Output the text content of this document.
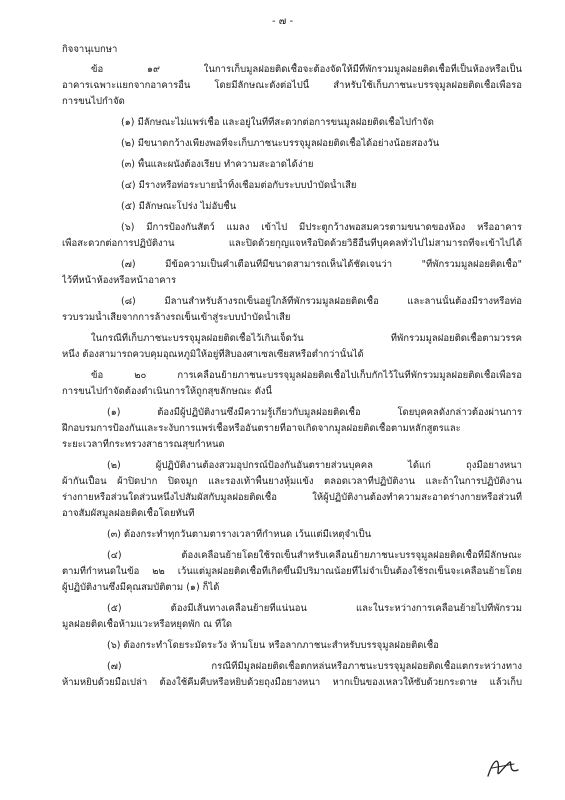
- ๗ -
กิจจานุเบกษา
ข้อ ๑๙ ในการเก็บมูลฝอยติดเชื้อจะต้องจัดให้มีที่พักรวมมูลฝอยติดเชื้อที่เป็นห้องหรือเป็น
อาคารเฉพาะแยกจากอาคารอื่น โดยมีลักษณะดังต่อไปนี้ สำหรับใช้เก็บภาชนะบรรจุมูลฝอยติดเชื้อเพื่อรอ
การขนไปกำจัด
(๑) มีลักษณะไม่แพร่เชื้อ และอยู่ในที่ที่สะดวกต่อการขนมูลฝอยติดเชื้อไปกำจัด
(๒) มีขนาดกว้างเพียงพอที่จะเก็บภาชนะบรรจุมูลฝอยติดเชื้อได้อย่างน้อยสองวัน
(๓) พื้นและผนังต้องเรียบ ทำความสะอาดได้ง่าย
(๔) มีรางหรือท่อระบายน้ำทิ้งเชื่อมต่อกับระบบบำบัดน้ำเสีย
(๕) มีลักษณะโปร่ง ไม่อับชื้น
(๖) มีการป้องกันสัตว์ แมลง เข้าไป มีประตูกว้างพอสมควรตามขนาดของห้อง หรืออาคาร
เพื่อสะดวกต่อการปฏิบัติงาน และปิดด้วยกุญแจหรือปิดด้วยวิธีอื่นที่บุคคลทั่วไปไม่สามารถที่จะเข้าไปได้
(๗) มีข้อความเป็นคำเตือนที่มีขนาดสามารถเห็นได้ชัดเจนว่า "ที่พักรวมมูลฝอยติดเชื้อ"
ไว้ที่หน้าห้องหรือหน้าอาคาร
(๘) มีลานสำหรับล้างรถเข็นอยู่ใกล้ที่พักรวมมูลฝอยติดเชื้อ และลานนั้นต้องมีรางหรือท่อ
รวบรวมน้ำเสียจากการล้างรถเข็นเข้าสู่ระบบบำบัดน้ำเสีย
ในกรณีที่เก็บภาชนะบรรจุมูลฝอยติดเชื้อไว้เกินเจ็ดวัน ที่พักรวมมูลฝอยติดเชื้อตามวรรค
หนึ่ง ต้องสามารถควบคุมอุณหภูมิให้อยู่ที่สิบองศาเซลเซียสหรือต่ำกว่านั้นได้
ข้อ ๒๐ การเคลื่อนย้ายภาชนะบรรจุมูลฝอยติดเชื้อไปเก็บกักไว้ในที่พักรวมมูลฝอยติดเชื้อเพื่อรอ
การขนไปกำจัดต้องดำเนินการให้ถูกสุขลักษณะ ดังนี้
(๑) ต้องมีผู้ปฏิบัติงานซึ่งมีความรู้เกี่ยวกับมูลฝอยติดเชื้อ โดยบุคคลดังกล่าวต้องผ่านการ
ฝึกอบรมการป้องกันและระงับการแพร่เชื้อหรืออันตรายที่อาจเกิดจากมูลฝอยติดเชื้อตามหลักสูตรและ
ระยะเวลาที่กระทรวงสาธารณสุขกำหนด
(๒) ผู้ปฏิบัติงานต้องสวมอุปกรณ์ป้องกันอันตรายส่วนบุคคล ได้แก่ ถุงมือยางหนา
ผ้ากันเปื้อน ผ้าปิดปาก ปิดจมูก และรองเท้าพื้นยางหุ้มแข้ง ตลอดเวลาที่ปฏิบัติงาน และถ้าในการปฏิบัติงาน
ร่างกายหรือส่วนใดส่วนหนึ่งไปสัมผัสกับมูลฝอยติดเชื้อ ให้ผู้ปฏิบัติงานต้องทำความสะอาดร่างกายหรือส่วนที่
อาจสัมผัสมูลฝอยติดเชื้อโดยทันที
(๓) ต้องกระทำทุกวันตามตารางเวลาที่กำหนด เว้นแต่มีเหตุจำเป็น
(๔) ต้องเคลื่อนย้ายโดยใช้รถเข็นสำหรับเคลื่อนย้ายภาชนะบรรจุมูลฝอยติดเชื้อที่มีลักษณะ
ตามที่กำหนดในข้อ ๒๒ เว้นแต่มูลฝอยติดเชื้อที่เกิดขึ้นมีปริมาณน้อยที่ไม่จำเป็นต้องใช้รถเข็นจะเคลื่อนย้ายโดย
ผู้ปฏิบัติงานซึ่งมีคุณสมบัติตาม (๑) ก็ได้
(๕) ต้องมีเส้นทางเคลื่อนย้ายที่แน่นอน และในระหว่างการเคลื่อนย้ายไปที่พักรวม
มูลฝอยติดเชื้อห้ามแวะหรือหยุดพัก ณ ที่ใด
(๖) ต้องกระทำโดยระมัดระวัง ห้ามโยน หรือลากภาชนะสำหรับบรรจุมูลฝอยติดเชื้อ
(๗) กรณีที่มีมูลฝอยติดเชื้อตกหล่นหรือภาชนะบรรจุมูลฝอยติดเชื้อแตกระหว่างทาง
ห้ามหยิบด้วยมือเปล่า ต้องใช้คีมคีบหรือหยิบด้วยถุงมือยางหนา หากเป็นของเหลวให้ซับด้วยกระดาษ แล้วเก็บ
